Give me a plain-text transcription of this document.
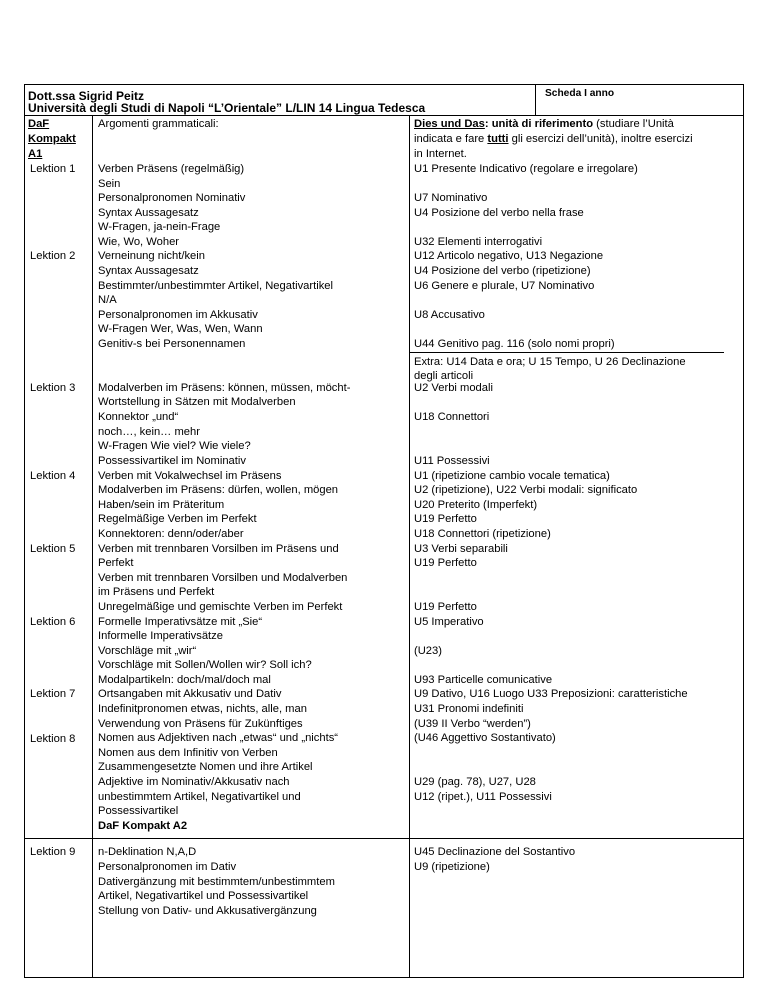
Dott.ssa Sigrid Peitz
Università degli Studi di Napoli “L’Orientale” L/LIN 14 Lingua Tedesca
Scheda I anno
DaF
Kompakt
A1
Argomenti grammaticali:	Dies und Das: unità di riferimento (studiare l’Unità
indicata e fare tutti gli esercizi dell’unità), inoltre esercizi
in Internet.
Lektion 1
Lektion 2
Lektion 3
Lektion 4
Lektion 5
Lektion 6
Lektion 7
Lektion 8
Lektion 9
Verben Präsens (regelmäßig)
Sein
Personalpronomen Nominativ
Syntax Aussagesatz
W-Fragen, ja-nein-Frage
Wie, Wo, Woher
Verneinung nicht/kein
Syntax Aussagesatz
Bestimmter/unbestimmter Artikel, Negativartikel
N/A
Personalpronomen im Akkusativ
W-Fragen Wer, Was, Wen, Wann
Genitiv-s bei Personennamen
Modalverben im Präsens: können, müssen, möcht-
Wortstellung in Sätzen mit Modalverben
Konnektor „und“
noch…, kein… mehr
W-Fragen Wie viel? Wie viele?
Possessivartikel im Nominativ
Verben mit Vokalwechsel im Präsens
Modalverben im Präsens: dürfen, wollen, mögen
Haben/sein im Präteritum
Regelmäßige Verben im Perfekt
Konnektoren: denn/oder/aber
Verben mit trennbaren Vorsilben im Präsens und
Perfekt
Verben mit trennbaren Vorsilben und Modalverben
im Präsens und Perfekt
Unregelmäßige und gemischte Verben im Perfekt
Formelle Imperativsätze mit „Sie“
Informelle Imperativsätze
Vorschläge mit „wir“
Vorschläge mit Sollen/Wollen wir? Soll ich?
Modalpartikeln: doch/mal/doch mal
Ortsangaben mit Akkusativ und Dativ
Indefinitpronomen etwas, nichts, alle, man
Verwendung von Präsens für Zukünftiges
Nomen aus Adjektiven nach „etwas“ und „nichts“
Nomen aus dem Infinitiv von Verben
Zusammengesetzte Nomen und ihre Artikel
Adjektive im Nominativ/Akkusativ nach
unbestimmtem Artikel, Negativartikel und
Possessivartikel
DaF Kompakt A2
n-Deklination N,A,D
Personalpronomen im Dativ
Dativergänzung mit bestimmtem/unbestimmtem
Artikel, Negativartikel und Possessivartikel
Stellung von Dativ- und Akkusativergänzung
U1 Presente Indicativo (regolare e irregolare)
U7 Nominativo
U4 Posizione del verbo nella frase
U32 Elementi interrogativi
U12 Articolo negativo, U13 Negazione
U4 Posizione del verbo (ripetizione)
U6 Genere e plurale, U7 Nominativo
U8 Accusativo
U44 Genitivo pag. 116 (solo nomi propri)
Extra: U14 Data e ora; U 15 Tempo, U 26 Declinazione
degli articoli
U2 Verbi modali
U18 Connettori
U11 Possessivi
U1 (ripetizione cambio vocale tematica)
U2 (ripetizione), U22 Verbi modali: significato
U20 Preterito (Imperfekt)
U19 Perfetto
U18 Connettori (ripetizione)
U3 Verbi separabili
U19 Perfetto
U19 Perfetto
U5 Imperativo
(U23)
U93 Particelle comunicative
U9 Dativo, U16 Luogo U33 Preposizioni: caratteristiche
U31 Pronomi indefiniti
(U39 II Verbo “werden”)
(U46 Aggettivo Sostantivato)
U29 (pag. 78), U27, U28
U12 (ripet.), U11 Possessivi
U45 Declinazione del Sostantivo
U9 (ripetizione)
